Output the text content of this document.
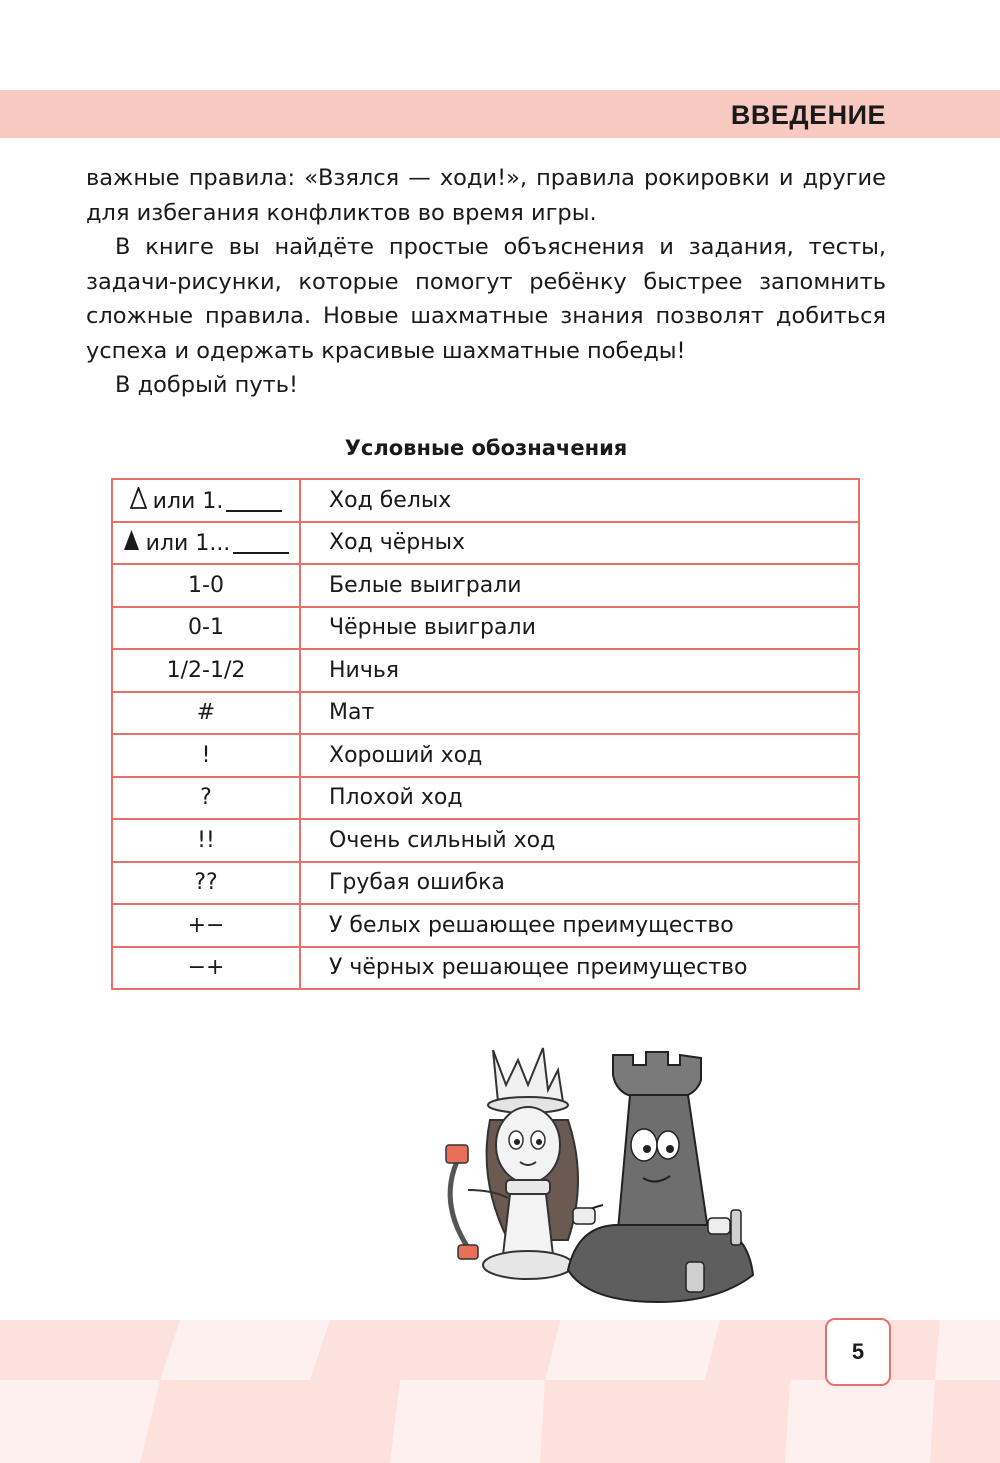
ВВЕДЕНИЕ

важные правила: «Взялся — ходи!», правила рокировки и другие для избегания конфликтов во время игры.

В книге вы найдёте простые объяснения и задания, тесты, задачи-рисунки, которые помогут ребёнку быстрее запомнить сложные правила. Новые шахматные знания позволят добиться успеха и одержать красивые шахматные победы!

В добрый путь!

Условные обозначения
или 1.	Ход белых
или 1...	Ход чёрных
1-0	Белые выиграли
0-1	Чёрные выиграли
1/2-1/2	Ничья
#	Мат
!	Хороший ход
?	Плохой ход
!!	Очень сильный ход
??	Грубая ошибка
+−	У белых решающее преимущество
−+	У чёрных решающее преимущество
5
